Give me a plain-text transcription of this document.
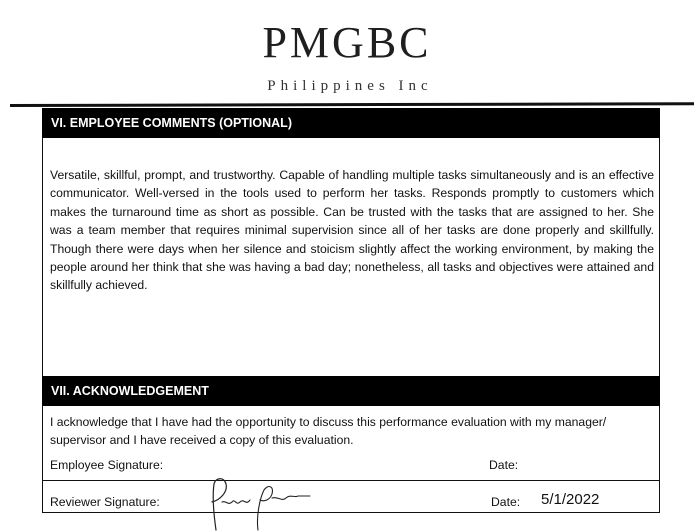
PMGBC
Philippines Inc
VI. EMPLOYEE COMMENTS (OPTIONAL)
Versatile, skillful, prompt, and trustworthy. Capable of handling multiple tasks simultaneously and is an effective communicator. Well-versed in the tools used to perform her tasks. Responds promptly to customers which makes the turnaround time as short as possible. Can be trusted with the tasks that are assigned to her. She was a team member that requires minimal supervision since all of her tasks are done properly and skillfully. Though there were days when her silence and stoicism slightly affect the working environment, by making the people around her think that she was having a bad day; nonetheless, all tasks and objectives were attained and skillfully achieved.
VII. ACKNOWLEDGEMENT
I acknowledge that I have had the opportunity to discuss this performance evaluation with my manager/ supervisor and I have received a copy of this evaluation.
Employee Signature:	Date:
Reviewer Signature:	Date: 5/1/2022
